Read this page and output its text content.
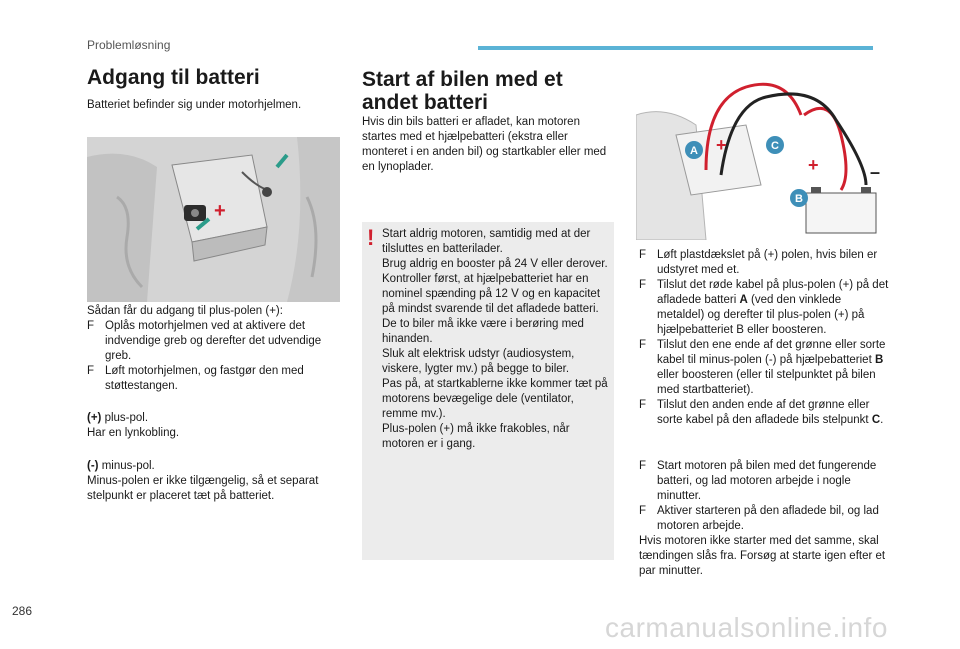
Problemløsning
Adgang til batteri
Batteriet befinder sig under motorhjelmen.
+
Sådan får du adgang til plus-polen (+):
F Oplås motorhjelmen ved at aktivere det indvendige greb og derefter det udvendige greb.
F Løft motorhjelmen, og fastgør den med støttestangen.
(+) plus-pol.
Har en lynkobling.
(-) minus-pol.
Minus-polen er ikke tilgængelig, så et separat stelpunkt er placeret tæt på batteriet.
Start af bilen med et andet batteri
Hvis din bils batteri er afladet, kan motoren startes med et hjælpebatteri (ekstra eller monteret i en anden bil) og startkabler eller med en lynoplader.
! Start aldrig motoren, samtidig med at der tilsluttes en batterilader.
Brug aldrig en booster på 24 V eller derover.
Kontroller først, at hjælpebatteriet har en nominel spænding på 12 V og en kapacitet på mindst svarende til det afladede batteri.
De to biler må ikke være i berøring med hinanden.
Sluk alt elektrisk udstyr (audiosystem, viskere, lygter mv.) på begge to biler.
Pas på, at startkablerne ikke kommer tæt på motorens bevægelige dele (ventilator, remme mv.).
Plus-polen (+) må ikke frakobles, når motoren er i gang.
A	C
B
+
+	–
F Løft plastdækslet på (+) polen, hvis bilen er udstyret med et.
F Tilslut det røde kabel på plus-polen (+) på det afladede batteri A (ved den vinklede metaldel) og derefter til plus-polen (+) på hjælpebatteriet B eller boosteren.
F Tilslut den ene ende af det grønne eller sorte kabel til minus-polen (-) på hjælpebatteriet B eller boosteren (eller til stelpunktet på bilen med startbatteriet).
F Tilslut den anden ende af det grønne eller sorte kabel på den afladede bils stelpunkt C.
F Start motoren på bilen med det fungerende batteri, og lad motoren arbejde i nogle minutter.
F Aktiver starteren på den afladede bil, og lad motoren arbejde.
Hvis motoren ikke starter med det samme, skal tændingen slås fra. Forsøg at starte igen efter et par minutter.
286
carmanualsonline.info
